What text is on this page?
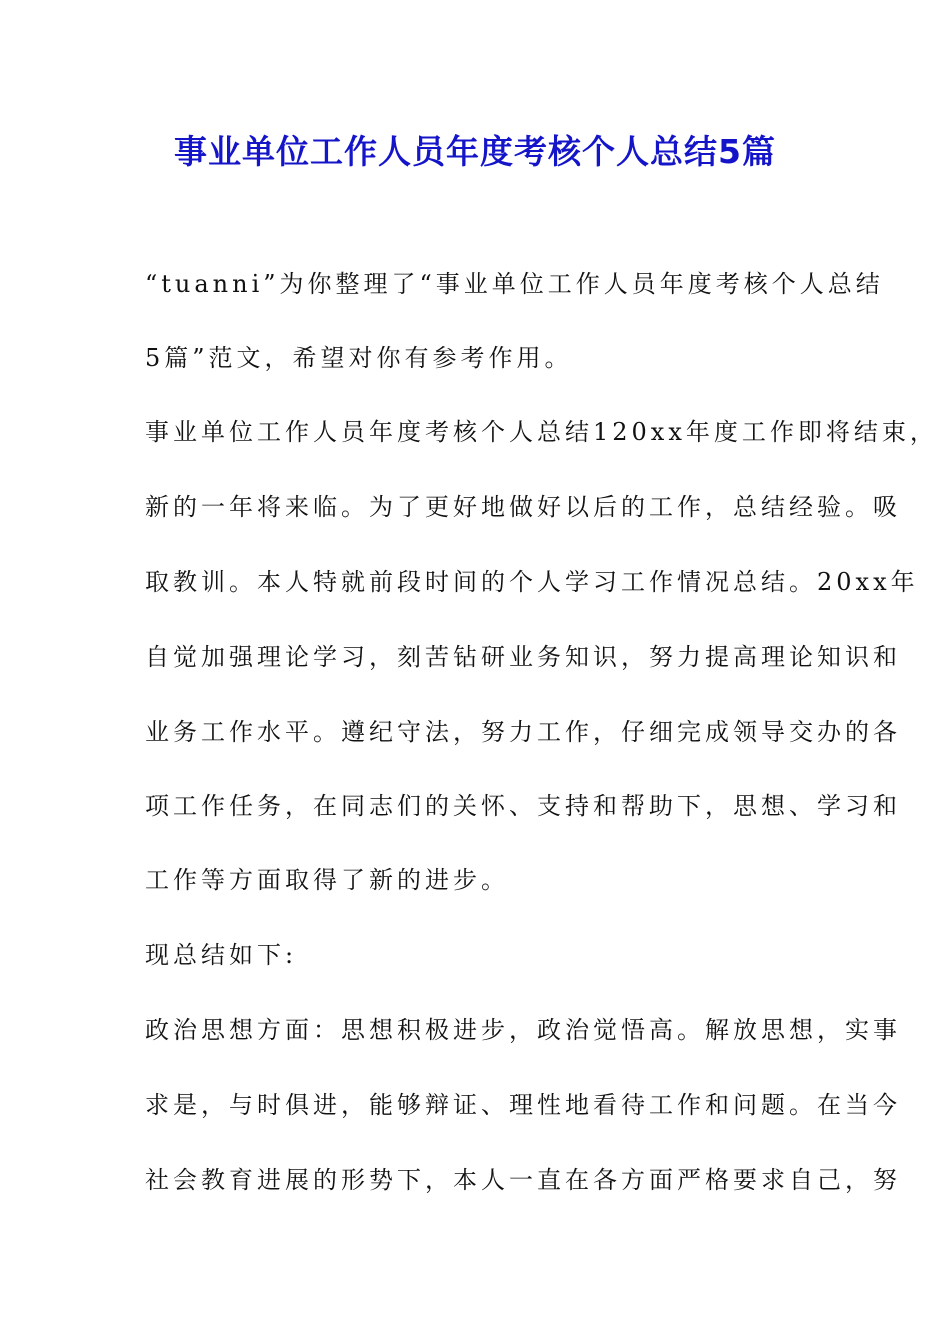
事业单位工作人员年度考核个人总结5篇
“tuanni”为你整理了“事业单位工作人员年度考核个人总结
5篇”范文，希望对你有参考作用。
事业单位工作人员年度考核个人总结120xx年度工作即将结束，
新的一年将来临。为了更好地做好以后的工作，总结经验。吸
取教训。本人特就前段时间的个人学习工作情况总结。20xx年
自觉加强理论学习，刻苦钻研业务知识，努力提高理论知识和
业务工作水平。遵纪守法，努力工作，仔细完成领导交办的各
项工作任务，在同志们的关怀、支持和帮助下，思想、学习和
工作等方面取得了新的进步。
现总结如下:
政治思想方面：思想积极进步，政治觉悟高。解放思想，实事
求是，与时俱进，能够辩证、理性地看待工作和问题。在当今
社会教育进展的形势下，本人一直在各方面严格要求自己，努
